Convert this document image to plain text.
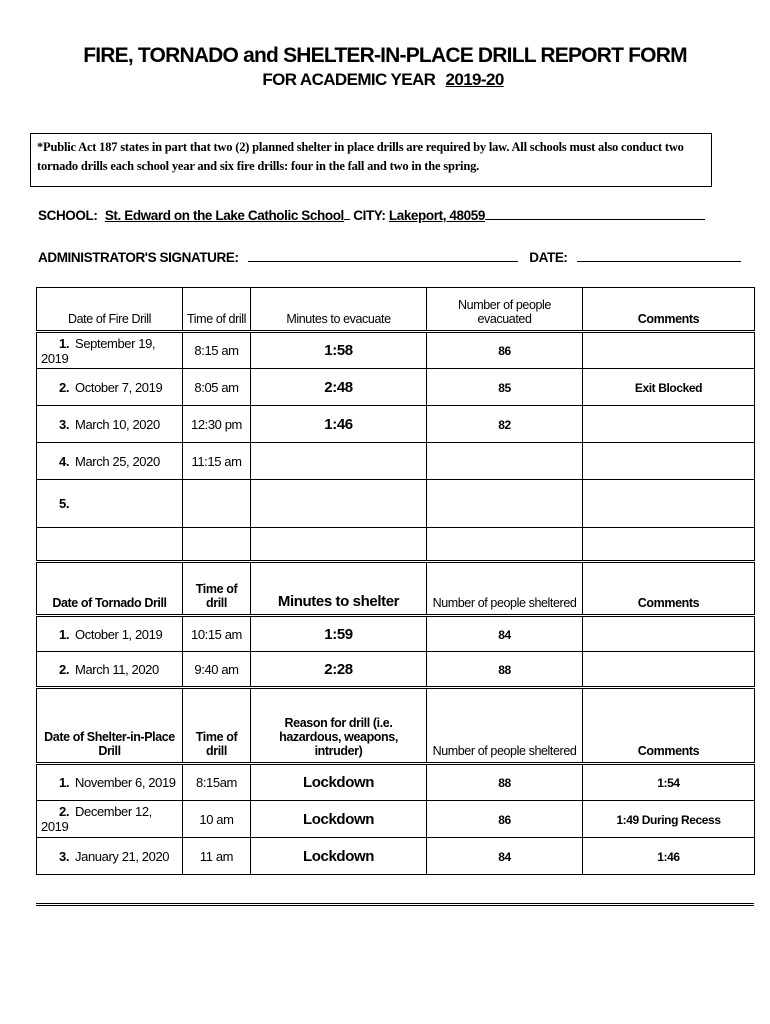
FIRE, TORNADO and SHELTER-IN-PLACE DRILL REPORT FORM
FOR ACADEMIC YEAR 2019-20
*Public Act 187 states in part that two (2) planned shelter in place drills are required by law. All schools must also conduct two tornado drills each school year and six fire drills: four in the fall and two in the spring.
SCHOOL: St. Edward on the Lake Catholic School CITY: Lakeport, 48059
ADMINISTRATOR'S SIGNATURE:	DATE:
Date of Fire Drill	Time of drill	Minutes to evacuate	Number of people evacuated	Comments
1. September 19, 2019	8:15 am	1:58	86	
2. October 7, 2019	8:05 am	2:48	85	Exit Blocked
3. March 10, 2020	12:30 pm	1:46	82	
4. March 25, 2020	11:15 am			
5.				

Date of Tornado Drill	Time of drill	Minutes to shelter	Number of people sheltered	Comments
1. October 1, 2019	10:15 am	1:59	84	
2. March 11, 2020	9:40 am	2:28	88	
Date of Shelter-in-Place Drill	Time of drill	Reason for drill (i.e. hazardous, weapons, intruder)	Number of people sheltered	Comments
1. November 6, 2019	8:15am	Lockdown	88	1:54
2. December 12, 2019	10 am	Lockdown	86	1:49 During Recess
3. January 21, 2020	11 am	Lockdown	84	1:46
